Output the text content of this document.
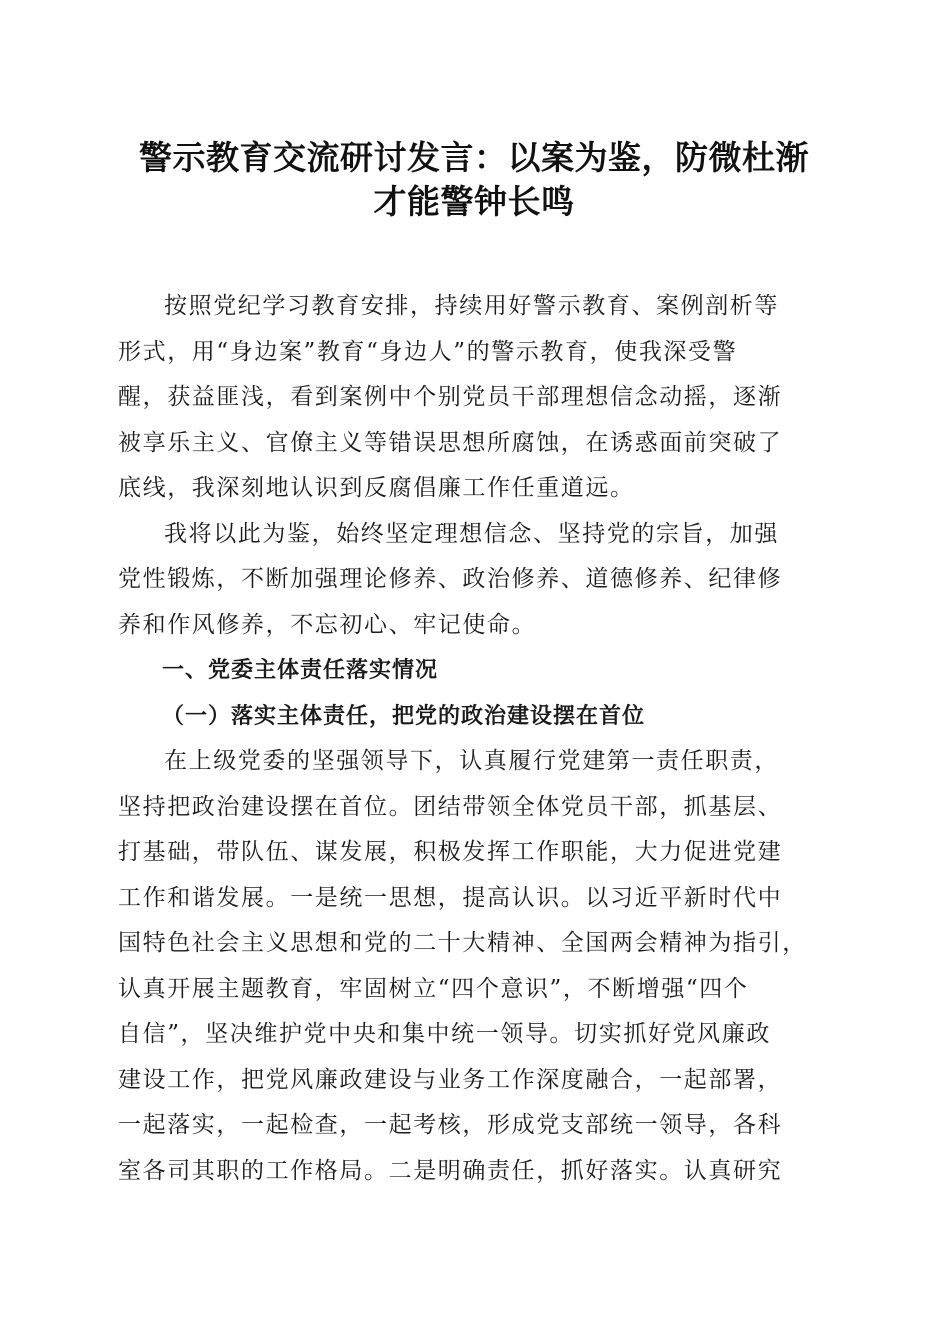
警示教育交流研讨发言：以案为鉴，防微杜渐
才能警钟长鸣

按照党纪学习教育安排，持续用好警示教育、案例剖析等
形式，用“身边案”教育“身边人”的警示教育，使我深受警
醒，获益匪浅，看到案例中个别党员干部理想信念动摇，逐渐
被享乐主义、官僚主义等错误思想所腐蚀，在诱惑面前突破了
底线，我深刻地认识到反腐倡廉工作任重道远。

我将以此为鉴，始终坚定理想信念、坚持党的宗旨，加强
党性锻炼，不断加强理论修养、政治修养、道德修养、纪律修
养和作风修养，不忘初心、牢记使命。

一、党委主体责任落实情况
（一）落实主体责任，把党的政治建设摆在首位

在上级党委的坚强领导下，认真履行党建第一责任职责，
坚持把政治建设摆在首位。团结带领全体党员干部，抓基层、
打基础，带队伍、谋发展，积极发挥工作职能，大力促进党建
工作和谐发展。一是统一思想，提高认识。以习近平新时代中
国特色社会主义思想和党的二十大精神、全国两会精神为指引，
认真开展主题教育，牢固树立“四个意识”，不断增强“四个
自信”，坚决维护党中央和集中统一领导。切实抓好党风廉政
建设工作，把党风廉政建设与业务工作深度融合，一起部署，
一起落实，一起检查，一起考核，形成党支部统一领导，各科
室各司其职的工作格局。二是明确责任，抓好落实。认真研究
